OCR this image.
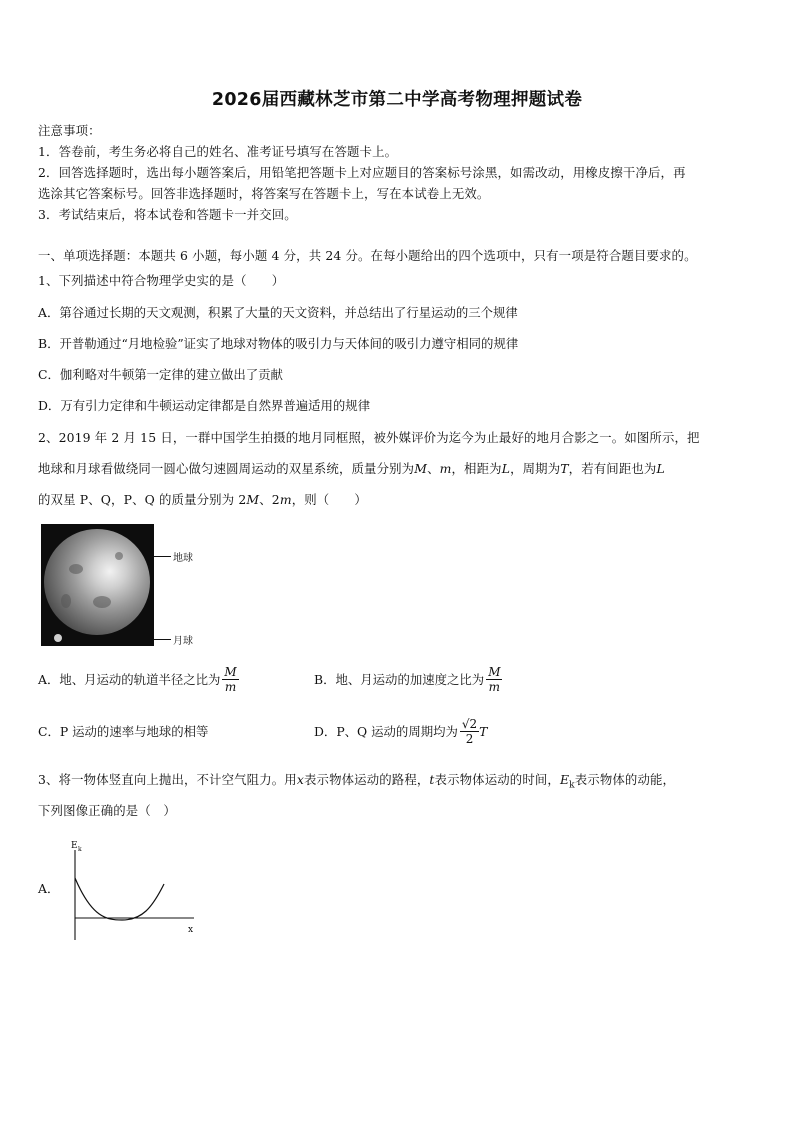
2026届西藏林芝市第二中学高考物理押题试卷
注意事项：
1．答卷前，考生务必将自己的姓名、准考证号填写在答题卡上。
2．回答选择题时，选出每小题答案后，用铅笔把答题卡上对应题目的答案标号涂黑，如需改动，用橡皮擦干净后，再
选涂其它答案标号。回答非选择题时，将答案写在答题卡上，写在本试卷上无效。
3．考试结束后，将本试卷和答题卡一并交回。
一、单项选择题：本题共 6 小题，每小题 4 分，共 24 分。在每小题给出的四个选项中，只有一项是符合题目要求的。
1、下列描述中符合物理学史实的是（　　）
A．第谷通过长期的天文观测，积累了大量的天文资料，并总结出了行星运动的三个规律
B．开普勒通过“月地检验”证实了地球对物体的吸引力与天体间的吸引力遵守相同的规律
C．伽利略对牛顿第一定律的建立做出了贡献
D．万有引力定律和牛顿运动定律都是自然界普遍适用的规律
2、2019 年 2 月 15 日，一群中国学生拍摄的地月同框照，被外媒评价为迄今为止最好的地月合影之一。如图所示，把
地球和月球看做绕同一圆心做匀速圆周运动的双星系统，质量分别为M、m，相距为L，周期为T，若有间距也为L
的双星 P、Q，P、Q 的质量分别为 2M、2m，则（　　）
地球
月球
A．地、月运动的轨道半径之比为 $\frac{M}{m}$	B．地、月运动的加速度之比为 $\frac{M}{m}$
C．P 运动的速率与地球的相等	D．P、Q 运动的周期均为 $\frac{√2}{2}$ T
3、将一物体竖直向上抛出，不计空气阻力。用x表示物体运动的路程，t表示物体运动的时间，$E_k$表示物体的动能，
下列图像正确的是（　）
A．
E k
x
